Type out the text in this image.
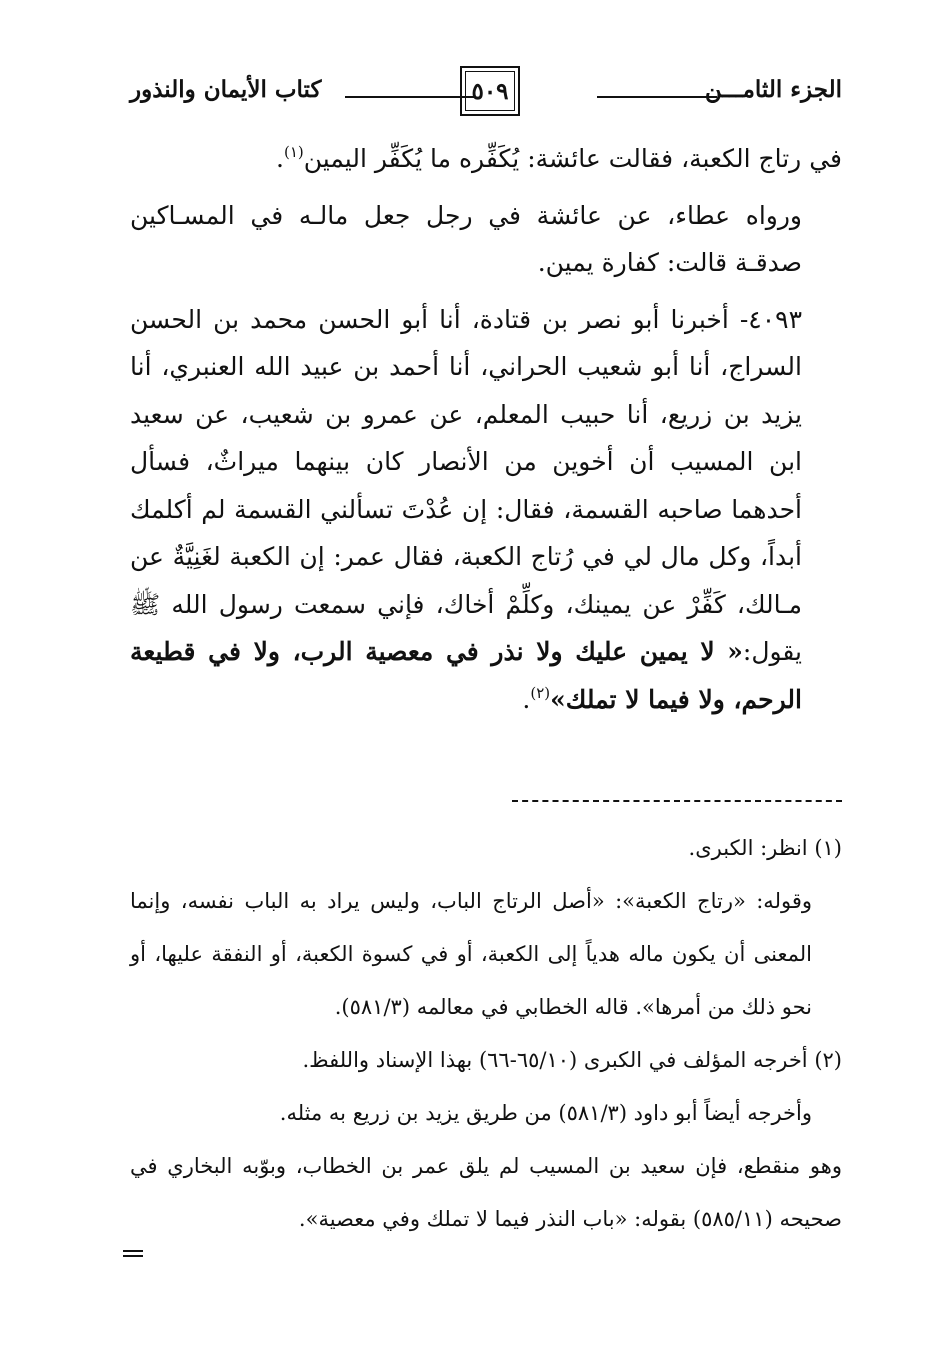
الجزء الثامـــن
٥٠٩
كتاب الأيمان والنذور

في رتاج الكعبة، فقالت عائشة: يُكَفِّره ما يُكَفِّر اليمين$^{(١)}$.

ورواه عطاء، عن عائشة في رجل جعل مالـه في المسـاكين صدقـة قالت: كفارة يمين.

٤٠٩٣- أخبرنا أبو نصر بن قتادة، أنا أبو الحسن محمد بن الحسن السراج، أنا أبو شعيب الحراني، أنا أحمد بن عبيد الله العنبري، أنا يزيد بن زريع، أنا حبيب المعلم، عن عمرو بن شعيب، عن سعيد ابن المسيب أن أخوين من الأنصار كان بينهما ميراثٌ، فسأل أحدهما صاحبه القسمة، فقال: إن عُدْتَ تسألني القسمة لم أكلمك أبداً، وكل مال لي في رُتاج الكعبة، فقال عمر: إن الكعبة لغَنِيَّةٌ عن مـالك، كَفِّرْ عن يمينك، وكلِّمْ أخاك، فإني سمعت رسول الله ﷺ يقول:« لا يمين عليك ولا نذر في معصية الرب، ولا في قطيعة الرحم، ولا فيما لا تملك»$^{(٢)}$.

(١) انظر: الكبرى.

وقوله: «رتاج الكعبة»: «أصل الرتاج الباب، وليس يراد به الباب نفسه، وإنما المعنى أن يكون ماله هدياً إلى الكعبة، أو في كسوة الكعبة، أو النفقة عليها، أو نحو ذلك من أمرها». قاله الخطابي في معالمه (٥٨١/٣).

(٢) أخرجه المؤلف في الكبرى (٦٥/١٠-٦٦) بهذا الإسناد واللفظ.

وأخرجه أيضاً أبو داود (٥٨١/٣) من طريق يزيد بن زريع به مثله.

وهو منقطع، فإن سعيد بن المسيب لم يلق عمر بن الخطاب، وبوّبه البخاري في صحيحه (٥٨٥/١١) بقوله: «باب النذر فيما لا تملك وفي معصية».
